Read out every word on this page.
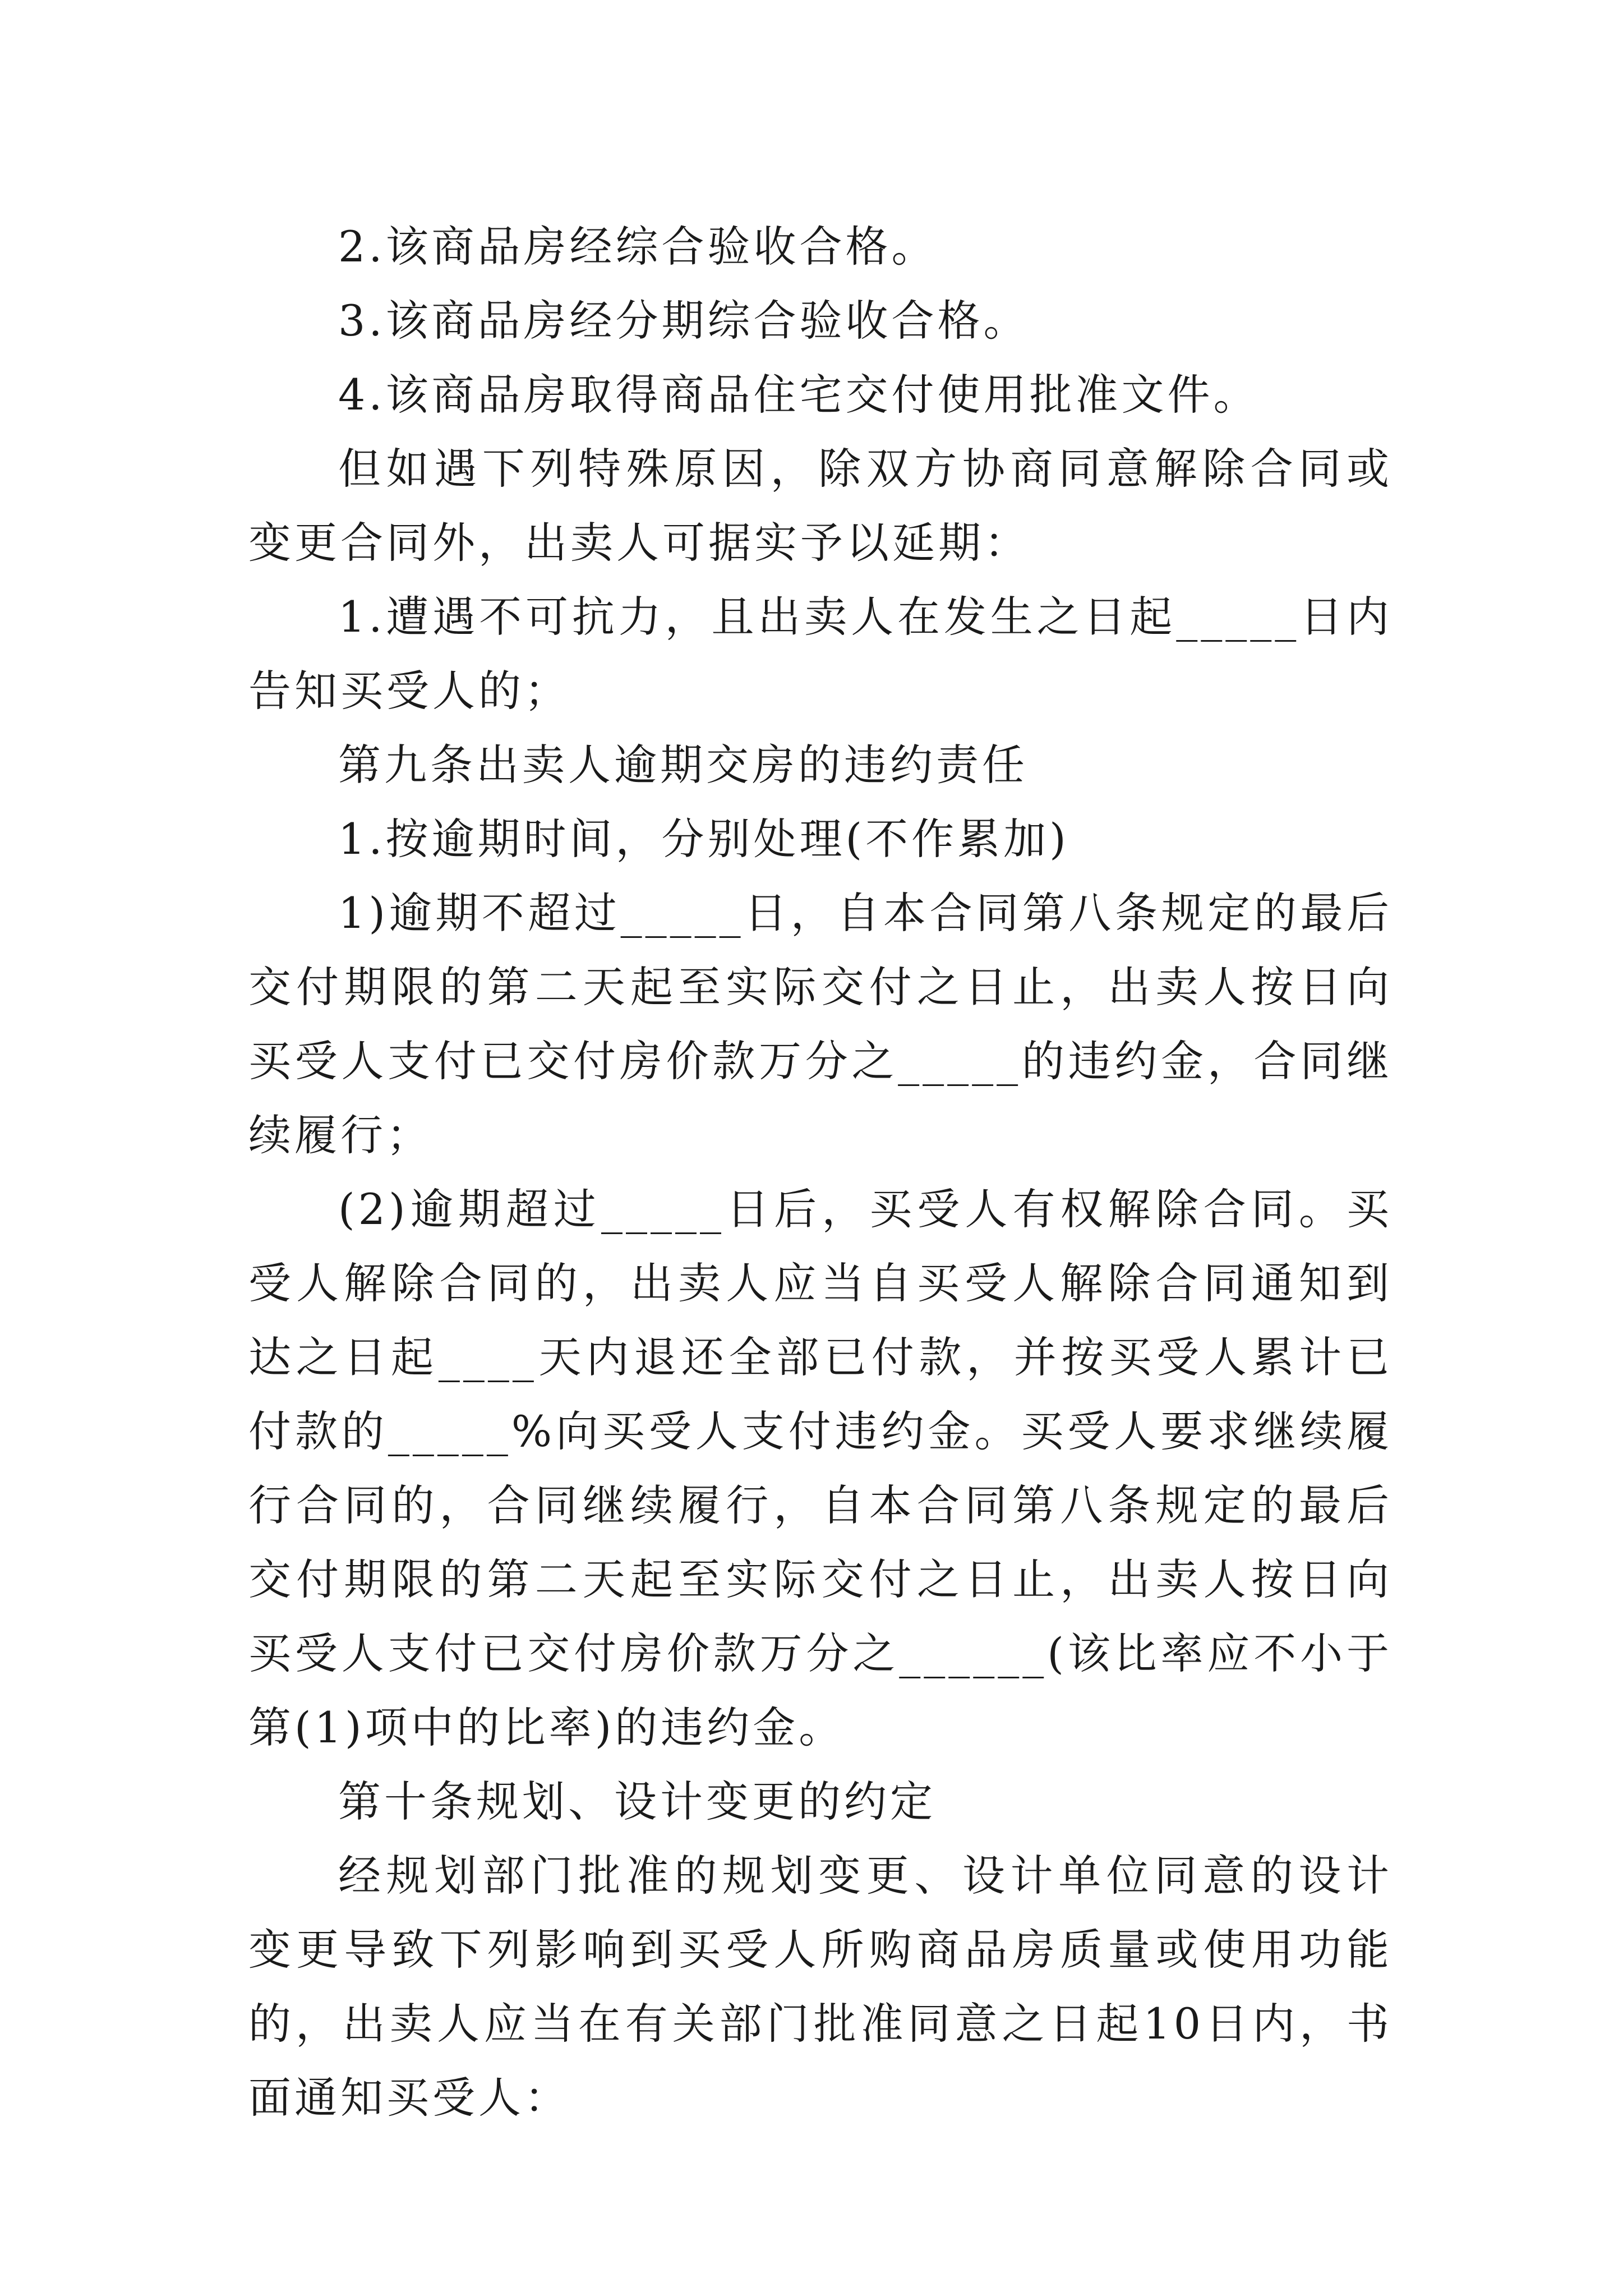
2.该商品房经综合验收合格。

3.该商品房经分期综合验收合格。

4.该商品房取得商品住宅交付使用批准文件。

但如遇下列特殊原因，除双方协商同意解除合同或变更合同外，出卖人可据实予以延期：

1.遭遇不可抗力，且出卖人在发生之日起_____日内告知买受人的；

第九条出卖人逾期交房的违约责任

1.按逾期时间，分别处理(不作累加)

1)逾期不超过_____日，自本合同第八条规定的最后交付期限的第二天起至实际交付之日止，出卖人按日向买受人支付已交付房价款万分之_____的违约金，合同继续履行；

(2)逾期超过_____日后，买受人有权解除合同。买受人解除合同的，出卖人应当自买受人解除合同通知到达之日起____天内退还全部已付款，并按买受人累计已付款的_____%向买受人支付违约金。买受人要求继续履行合同的，合同继续履行，自本合同第八条规定的最后交付期限的第二天起至实际交付之日止，出卖人按日向买受人支付已交付房价款万分之______(该比率应不小于第(1)项中的比率)的违约金。

第十条规划、设计变更的约定

经规划部门批准的规划变更、设计单位同意的设计变更导致下列影响到买受人所购商品房质量或使用功能的，出卖人应当在有关部门批准同意之日起10日内，书面通知买受人：
